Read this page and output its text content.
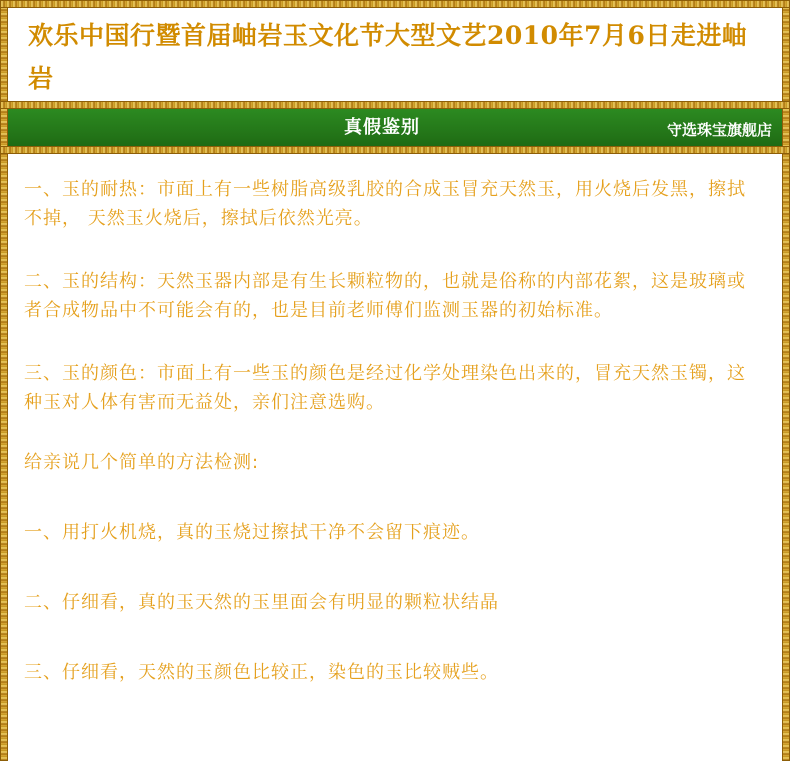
欢乐中国行暨首届岫岩玉文化节大型文艺2010年7月6日走进岫岩
真假鉴别	守选珠宝旗舰店

一、玉的耐热：市面上有一些树脂高级乳胶的合成玉冒充天然玉，用火烧后发黑，擦拭不掉， 天然玉火烧后，擦拭后依然光亮。

二、玉的结构：天然玉器内部是有生长颗粒物的，也就是俗称的内部花絮，这是玻璃或者合成物品中不可能会有的，也是目前老师傅们监测玉器的初始标准。

三、玉的颜色：市面上有一些玉的颜色是经过化学处理染色出来的，冒充天然玉镯，这种玉对人体有害而无益处，亲们注意选购。

给亲说几个简单的方法检测:

一、用打火机烧，真的玉烧过擦拭干净不会留下痕迹。

二、仔细看，真的玉天然的玉里面会有明显的颗粒状结晶

三、仔细看，天然的玉颜色比较正，染色的玉比较贼些。
